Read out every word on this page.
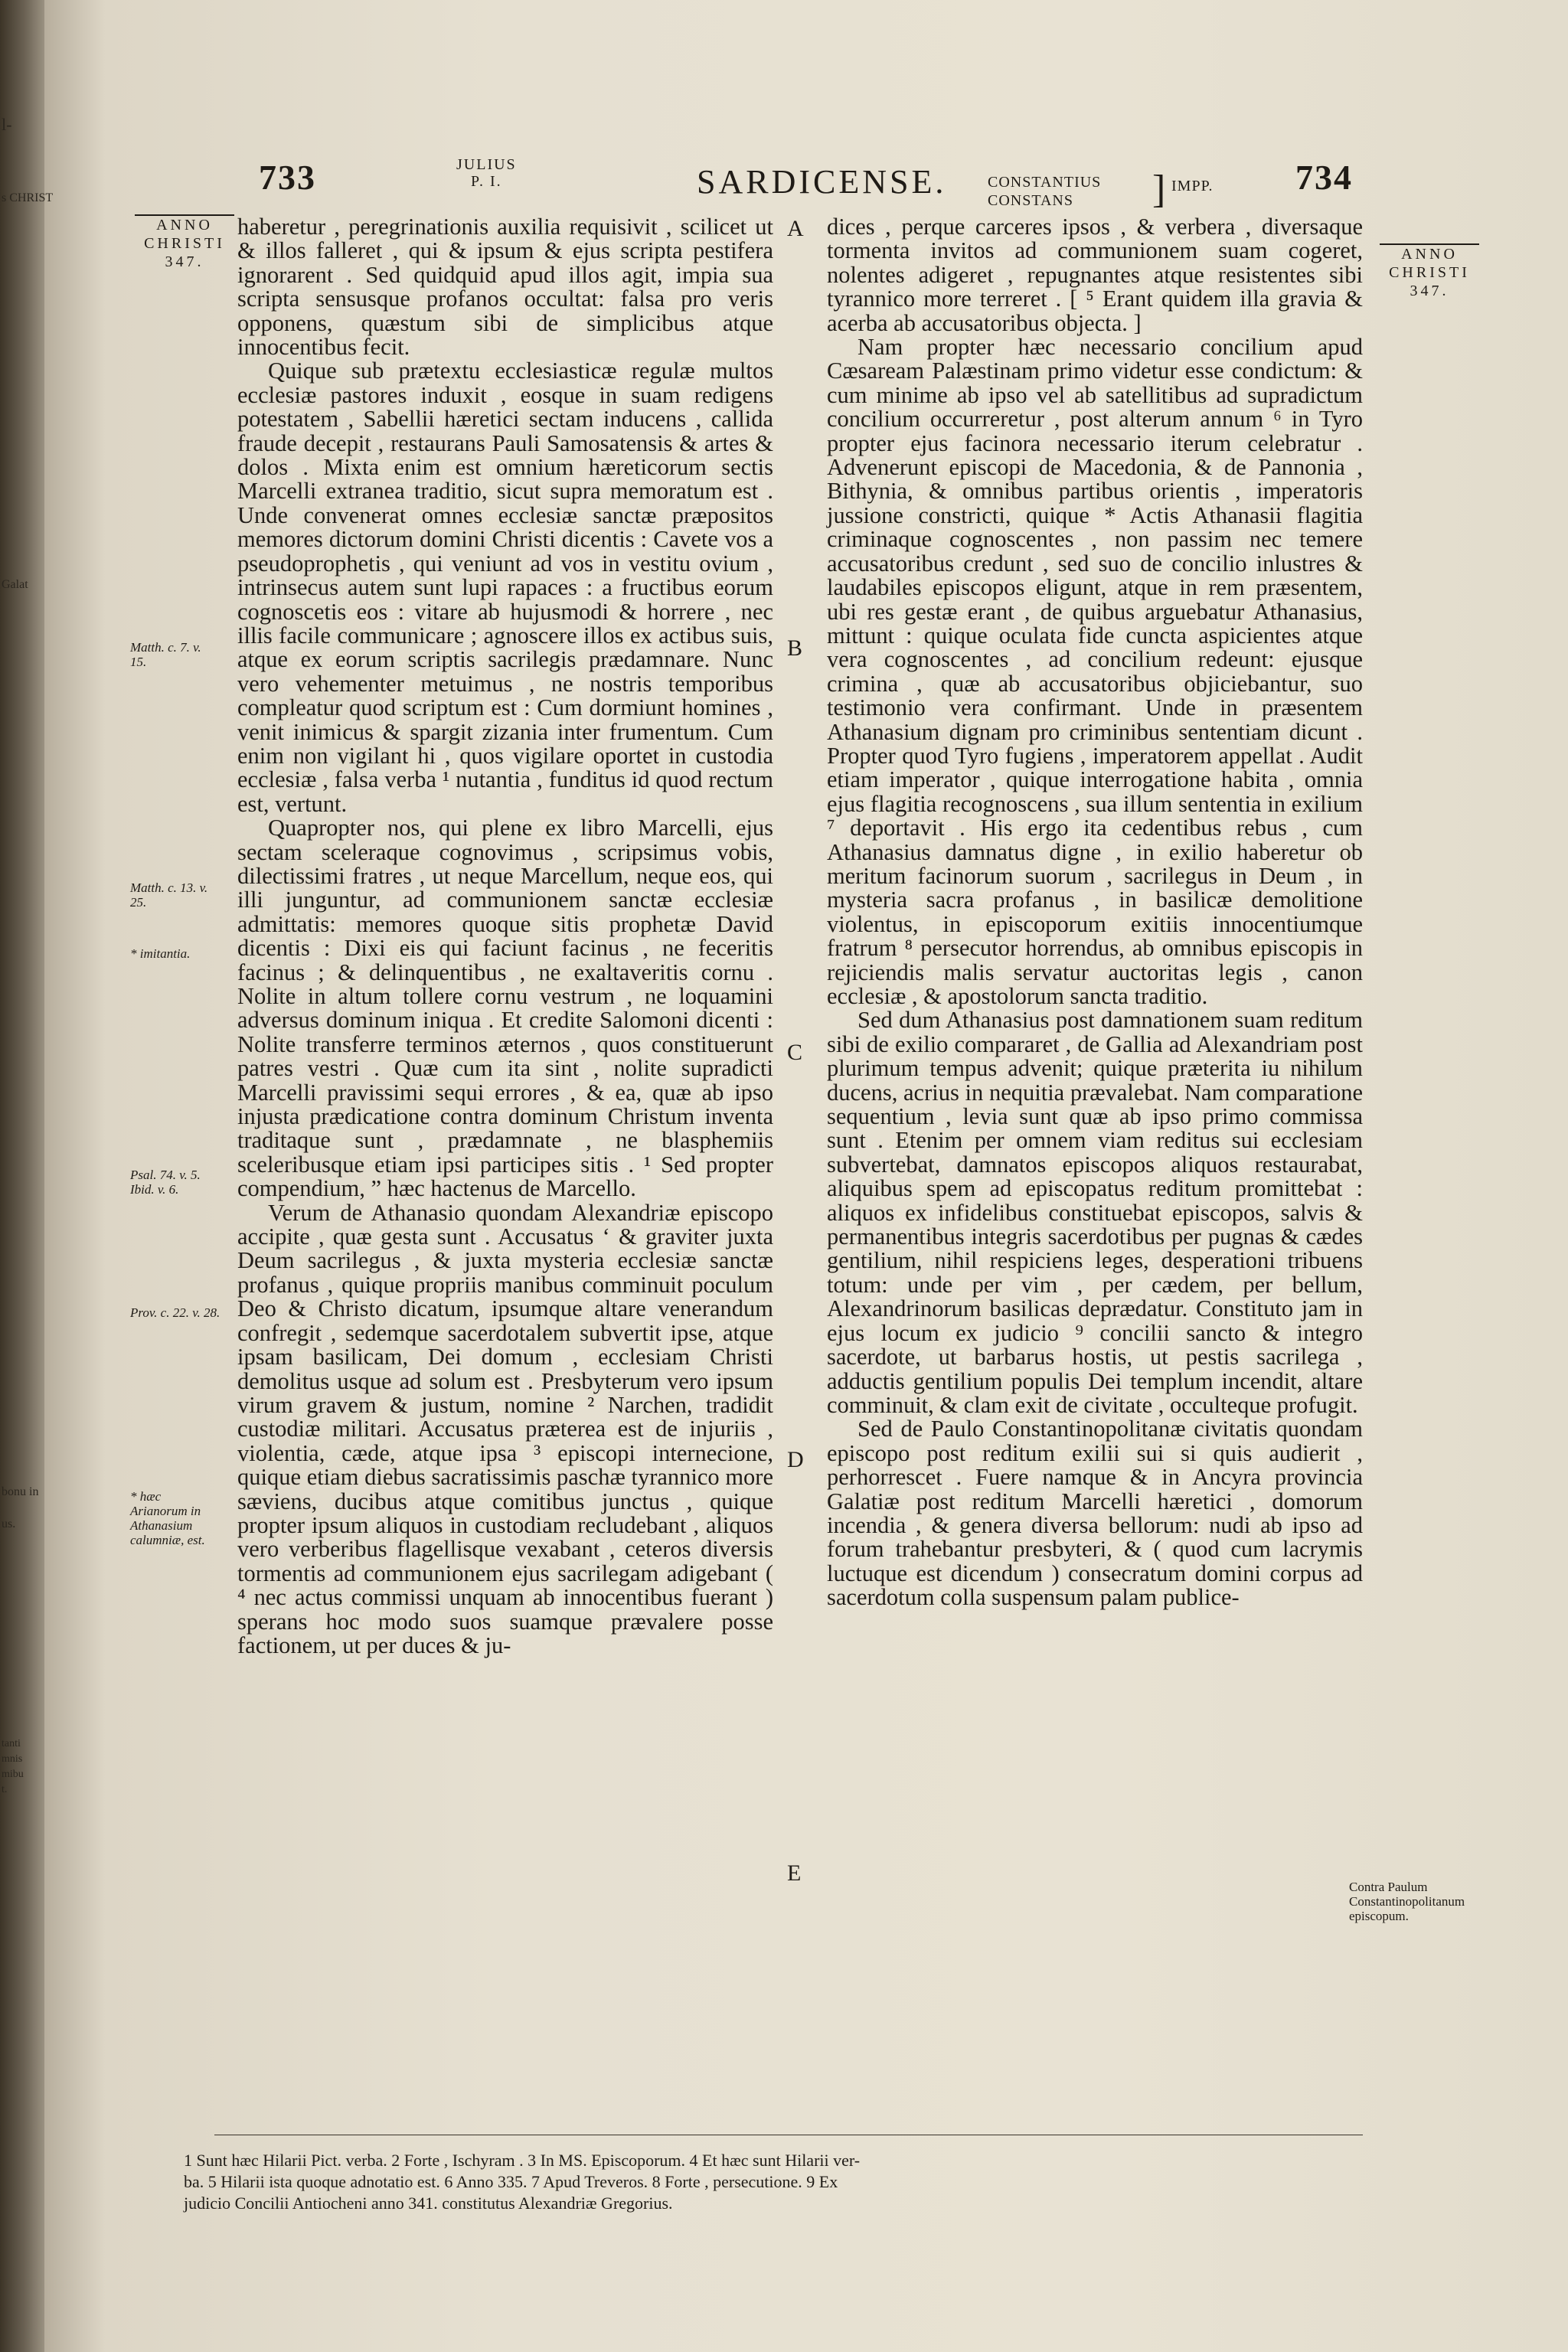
l-
s CHRIST
Galat
bonu in
us.
tanti
mnis
mibu
t.
733	JULIUS
P. I.	SARDICENSE.	CONSTANTIUS
CONSTANS	] IMPP. 734
ANNO
CHRISTI
347.	ANNO
CHRISTI
347.
Matth. c. 7. v. 15.
Matth. c. 13. v. 25.
* imitantia.
Psal. 74. v. 5. Ibid. v. 6.
Prov. c. 22. v. 28.
* hæc Arianorum in Athanasium calumniæ, est.
Contra Paulum Constantinopolitanum episcopum.
A
B
C
D
E

haberetur , peregrinationis auxilia requisivit , scilicet ut & illos falleret , qui & ipsum & ejus scripta pestifera ignorarent . Sed quidquid apud illos agit, impia sua scripta sensusque profanos occultat: falsa pro veris opponens, quæstum sibi de simplicibus atque innocentibus fecit.

Quique sub prætextu ecclesiasticæ regulæ multos ecclesiæ pastores induxit , eosque in suam redigens potestatem , Sabellii hæretici sectam inducens , callida fraude decepit , restaurans Pauli Samosatensis & artes & dolos . Mixta enim est omnium hæreticorum sectis Marcelli extranea traditio, sicut supra memoratum est . Unde convenerat omnes ecclesiæ sanctæ præpositos memores dictorum domini Christi dicentis : Cavete vos a pseudoprophetis , qui veniunt ad vos in vestitu ovium , intrinsecus autem sunt lupi rapaces : a fructibus eorum cognoscetis eos : vitare ab hujusmodi & horrere , nec illis facile communicare ; agnoscere illos ex actibus suis, atque ex eorum scriptis sacrilegis prædamnare. Nunc vero vehementer metuimus , ne nostris temporibus compleatur quod scriptum est : Cum dormiunt homines , venit inimicus & spargit zizania inter frumentum. Cum enim non vigilant hi , quos vigilare oportet in custodia ecclesiæ , falsa verba ¹ nutantia , funditus id quod rectum est, vertunt.

Quapropter nos, qui plene ex libro Marcelli, ejus sectam sceleraque cognovimus , scripsimus vobis, dilectissimi fratres , ut neque Marcellum, neque eos, qui illi junguntur, ad communionem sanctæ ecclesiæ admittatis: memores quoque sitis prophetæ David dicentis : Dixi eis qui faciunt facinus , ne feceritis facinus ; & delinquentibus , ne exaltaveritis cornu . Nolite in altum tollere cornu vestrum , ne loquamini adversus dominum iniqua . Et credite Salomoni dicenti : Nolite transferre terminos æternos , quos constituerunt patres vestri . Quæ cum ita sint , nolite supradicti Marcelli pravissimi sequi errores , & ea, quæ ab ipso injusta prædicatione contra dominum Christum inventa traditaque sunt , prædamnate , ne blasphemiis sceleribusque etiam ipsi participes sitis . ¹ Sed propter compendium, ” hæc hactenus de Marcello.

Verum de Athanasio quondam Alexandriæ episcopo accipite , quæ gesta sunt . Accusatus ‘ & graviter juxta Deum sacrilegus , & juxta mysteria ecclesiæ sanctæ profanus , quique propriis manibus comminuit poculum Deo & Christo dicatum, ipsumque altare venerandum confregit , sedemque sacerdotalem subvertit ipse, atque ipsam basilicam, Dei domum , ecclesiam Christi demolitus usque ad solum est . Presbyterum vero ipsum virum gravem & justum, nomine ² Narchen, tradidit custodiæ militari. Accusatus præterea est de injuriis , violentia, cæde, atque ipsa ³ episcopi internecione, quique etiam diebus sacratissimis paschæ tyrannico more sæviens, ducibus atque comitibus junctus , quique propter ipsum aliquos in custodiam recludebant , aliquos vero verberibus flagellisque vexabant , ceteros diversis tormentis ad communionem ejus sacrilegam adigebant ( ⁴ nec actus commissi unquam ab innocentibus fuerant ) sperans hoc modo suos suamque prævalere posse factionem, ut per duces & ju-

dices , perque carceres ipsos , & verbera , diversaque tormenta invitos ad communionem suam cogeret, nolentes adigeret , repugnantes atque resistentes sibi tyrannico more terreret . [ ⁵ Erant quidem illa gravia & acerba ab accusatoribus objecta. ]

Nam propter hæc necessario concilium apud Cæsaream Palæstinam primo videtur esse condictum: & cum minime ab ipso vel ab satellitibus ad supradictum concilium occurreretur , post alterum annum ⁶ in Tyro propter ejus facinora necessario iterum celebratur . Advenerunt episcopi de Macedonia, & de Pannonia , Bithynia, & omnibus partibus orientis , imperatoris jussione constricti, quique * Actis Athanasii flagitia criminaque cognoscentes , non passim nec temere accusatoribus credunt , sed suo de concilio inlustres & laudabiles episcopos eligunt, atque in rem præsentem, ubi res gestæ erant , de quibus arguebatur Athanasius, mittunt : quique oculata fide cuncta aspicientes atque vera cognoscentes , ad concilium redeunt: ejusque crimina , quæ ab accusatoribus objiciebantur, suo testimonio vera confirmant. Unde in præsentem Athanasium dignam pro criminibus sententiam dicunt . Propter quod Tyro fugiens , imperatorem appellat . Audit etiam imperator , quique interrogatione habita , omnia ejus flagitia recognoscens , sua illum sententia in exilium ⁷ deportavit . His ergo ita cedentibus rebus , cum Athanasius damnatus digne , in exilio haberetur ob meritum facinorum suorum , sacrilegus in Deum , in mysteria sacra profanus , in basilicæ demolitione violentus, in episcoporum exitiis innocentiumque fratrum ⁸ persecutor horrendus, ab omnibus episcopis in rejiciendis malis servatur auctoritas legis , canon ecclesiæ , & apostolorum sancta traditio.

Sed dum Athanasius post damnationem suam reditum sibi de exilio compararet , de Gallia ad Alexandriam post plurimum tempus advenit; quique præterita iu nihilum ducens, acrius in nequitia prævalebat. Nam comparatione sequentium , levia sunt quæ ab ipso primo commissa sunt . Etenim per omnem viam reditus sui ecclesiam subvertebat, damnatos episcopos aliquos restaurabat, aliquibus spem ad episcopatus reditum promittebat : aliquos ex infidelibus constituebat episcopos, salvis & permanentibus integris sacerdotibus per pugnas & cædes gentilium, nihil respiciens leges, desperationi tribuens totum: unde per vim , per cædem, per bellum, Alexandrinorum basilicas deprædatur. Constituto jam in ejus locum ex judicio ⁹ concilii sancto & integro sacerdote, ut barbarus hostis, ut pestis sacrilega , adductis gentilium populis Dei templum incendit, altare comminuit, & clam exit de civitate , occulteque profugit.

Sed de Paulo Constantinopolitanæ civitatis quondam episcopo post reditum exilii sui si quis audierit , perhorrescet . Fuere namque & in Ancyra provincia Galatiæ post reditum Marcelli hæretici , domorum incendia , & genera diversa bellorum: nudi ab ipso ad forum trahebantur presbyteri, & ( quod cum lacrymis luctuque est dicendum ) consecratum domini corpus ad sacerdotum colla suspensum palam publice-

1 Sunt hæc Hilarii Pict. verba. 2 Forte , Ischyram . 3 In MS. Episcoporum. 4 Et hæc sunt Hilarii ver-
ba. 5 Hilarii ista quoque adnotatio est. 6 Anno 335. 7 Apud Treveros. 8 Forte , persecutione. 9 Ex
judicio Concilii Antiocheni anno 341. constitutus Alexandriæ Gregorius.
